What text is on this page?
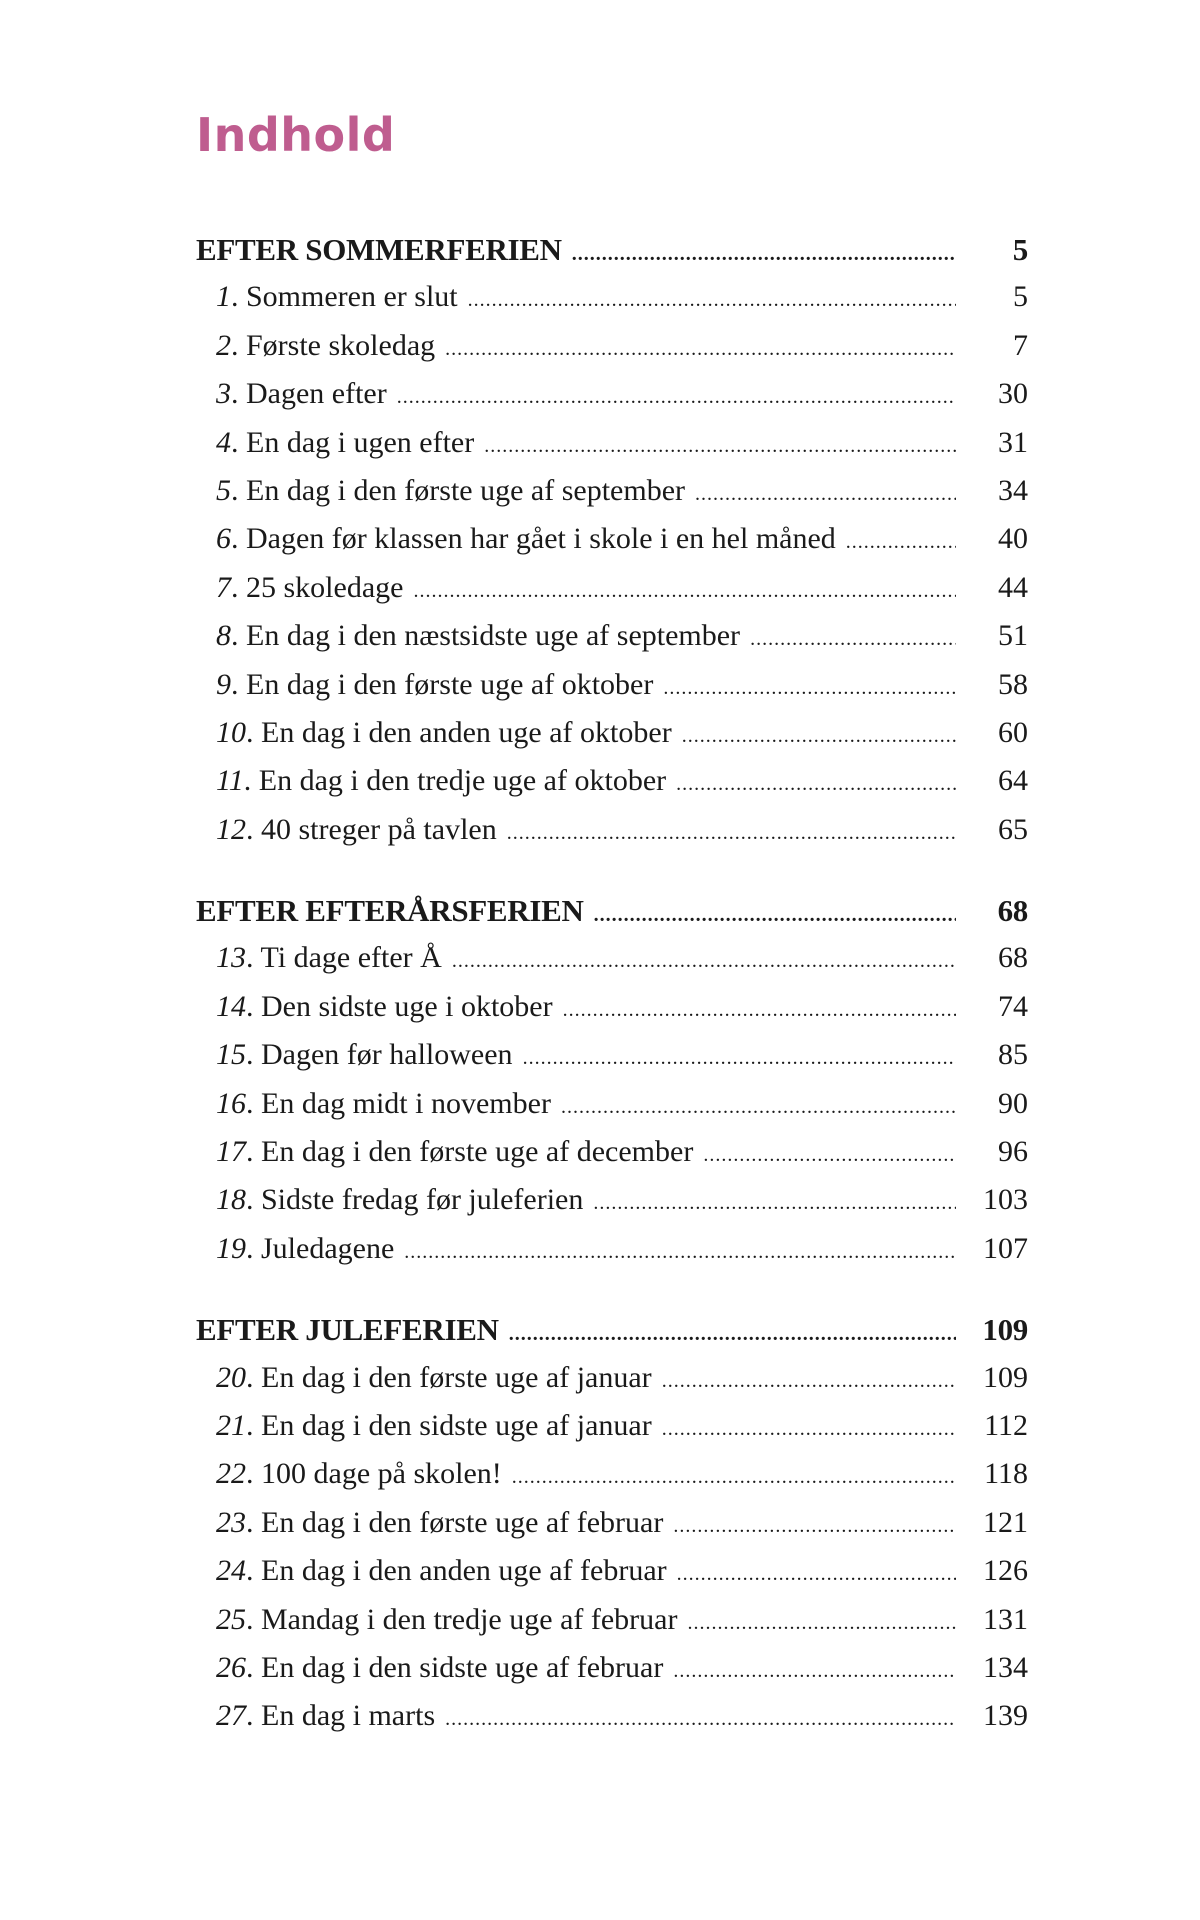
Indhold
EFTER SOMMERFERIEN . . .	5
1. Sommeren er slut . . .	5
2. Første skoledag . . .	7
3. Dagen efter . . .	30
4. En dag i ugen efter . . .	31
5. En dag i den første uge af september . . .	34
6. Dagen før klassen har gået i skole i en hel måned . . .	40
7. 25 skoledage . . .	44
8. En dag i den næstsidste uge af september . . .	51
9. En dag i den første uge af oktober . . .	58
10. En dag i den anden uge af oktober . . .	60
11. En dag i den tredje uge af oktober . . .	64
12. 40 streger på tavlen . . .	65
EFTER EFTERÅRSFERIEN . . .	68
13. Ti dage efter Å . . .	68
14. Den sidste uge i oktober . . .	74
15. Dagen før halloween . . .	85
16. En dag midt i november . . .	90
17. En dag i den første uge af december . . .	96
18. Sidste fredag før juleferien . . .	103
19. Juledagene . . .	107
EFTER JULEFERIEN . . .	109
20. En dag i den første uge af januar . . .	109
21. En dag i den sidste uge af januar . . .	112
22. 100 dage på skolen! . . .	118
23. En dag i den første uge af februar . . .	121
24. En dag i den anden uge af februar . . .	126
25. Mandag i den tredje uge af februar . . .	131
26. En dag i den sidste uge af februar . . .	134
27. En dag i marts . . .	139
